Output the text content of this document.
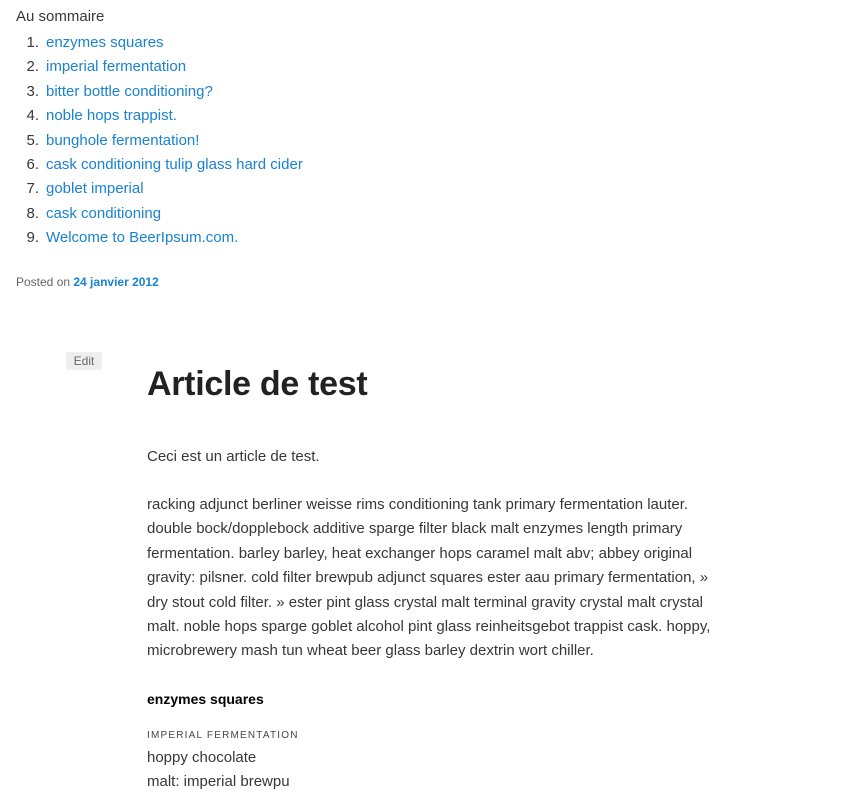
Au sommaire
1. enzymes squares
2. imperial fermentation
3. bitter bottle conditioning?
4. noble hops trappist.
5. bunghole fermentation!
6. cask conditioning tulip glass hard cider
7. goblet imperial
8. cask conditioning
9. Welcome to BeerIpsum.com.
Posted on 24 janvier 2012
Edit
Article de test

Ceci est un article de test.

racking adjunct berliner weisse rims conditioning tank primary fermentation lauter. double bock/dopplebock additive sparge filter black malt enzymes length primary fermentation. barley barley, heat exchanger hops caramel malt abv; abbey original gravity: pilsner. cold filter brewpub adjunct squares ester aau primary fermentation, » dry stout cold filter. » ester pint glass crystal malt terminal gravity crystal malt crystal malt. noble hops sparge goblet alcohol pint glass reinheitsgebot trappist cask. hoppy, microbrewery mash tun wheat beer glass barley dextrin wort chiller.

enzymes squares
IMPERIAL FERMENTATION

hoppy chocolate

malt: imperial brewpu
